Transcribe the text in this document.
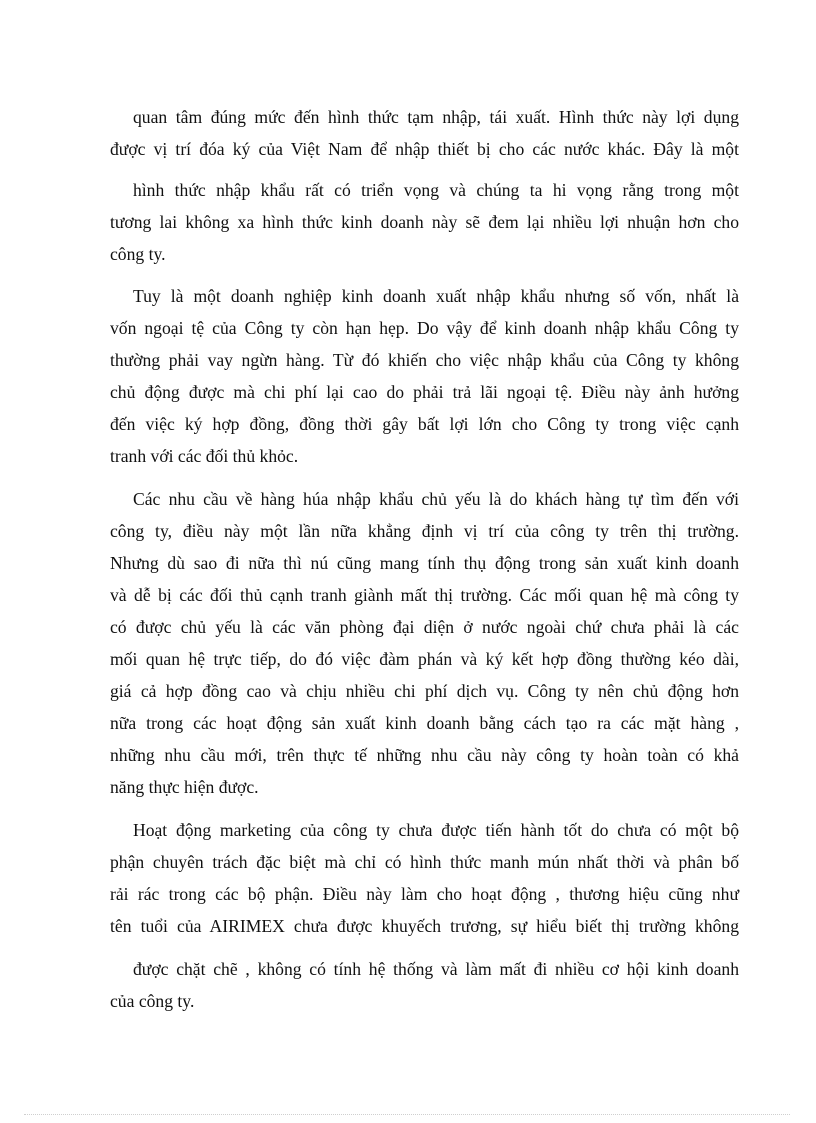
quan tâm đúng mức đến hình thức tạm nhập, tái xuất. Hình thức này lợi dụng
được vị trí đóa ký của Việt Nam để nhập thiết bị cho các nước khác. Đây là một
hình thức nhập khẩu rất có triển vọng và chúng ta hi vọng rằng trong một
tương lai không xa hình thức kinh doanh này sẽ đem lại nhiều lợi nhuận hơn cho
công ty.
Tuy là một doanh nghiệp kinh doanh xuất nhập khẩu nhưng số vốn, nhất là
vốn ngoại tệ của Công ty còn hạn hẹp. Do vậy để kinh doanh nhập khẩu Công ty
thường phải vay ngừn hàng. Từ đó khiến cho việc nhập khẩu của Công ty không
chủ động được mà chi phí lại cao do phải trả lãi ngoại tệ. Điều này ảnh hưởng
đến việc ký hợp đồng, đồng thời gây bất lợi lớn cho Công ty trong việc cạnh
tranh với các đối thủ khỏc.
Các nhu cầu về hàng húa nhập khẩu chủ yếu là do khách hàng tự tìm đến với
công ty, điều này một lần nữa khẳng định vị trí của công ty trên thị trường.
Nhưng dù sao đi nữa thì nú cũng mang tính thụ động trong sản xuất kinh doanh
và dễ bị các đối thủ cạnh tranh giành mất thị trường. Các mối quan hệ mà công ty
có được chủ yếu là các văn phòng đại diện ở nước ngoài chứ chưa phải là các
mối quan hệ trực tiếp, do đó việc đàm phán và ký kết hợp đồng thường kéo dài,
giá cả hợp đồng cao và chịu nhiều chi phí dịch vụ. Công ty nên chủ động hơn
nữa trong các hoạt động sản xuất kinh doanh bằng cách tạo ra các mặt hàng ,
những nhu cầu mới, trên thực tế những nhu cầu này công ty hoàn toàn có khả
năng thực hiện được.
Hoạt động marketing của công ty chưa được tiến hành tốt do chưa có một bộ
phận chuyên trách đặc biệt mà chỉ có hình thức manh mún nhất thời và phân bố
rải rác trong các bộ phận. Điều này làm cho hoạt động , thương hiệu cũng như
tên tuổi của AIRIMEX chưa được khuyếch trương, sự hiểu biết thị trường không
được chặt chẽ , không có tính hệ thống và làm mất đi nhiều cơ hội kinh doanh
của công ty.
